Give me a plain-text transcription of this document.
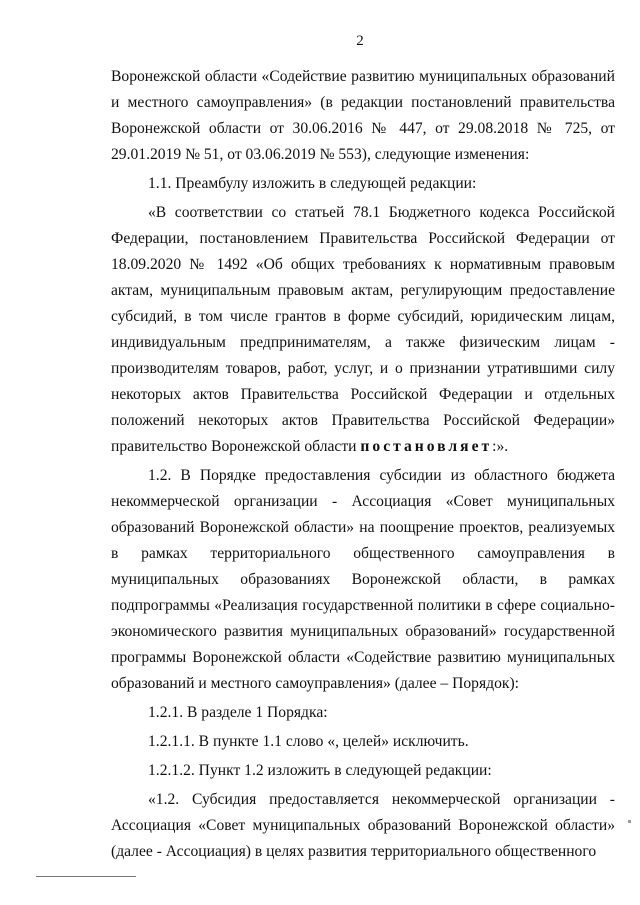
2

Воронежской области «Содействие развитию муниципальных образований и местного самоуправления» (в редакции постановлений правительства Воронежской области от 30.06.2016 № 447, от 29.08.2018 № 725, от 29.01.2019 № 51, от 03.06.2019 № 553), следующие изменения:

1.1. Преамбулу изложить в следующей редакции:

«В соответствии со статьей 78.1 Бюджетного кодекса Российской Федерации, постановлением Правительства Российской Федерации от 18.09.2020 № 1492 «Об общих требованиях к нормативным правовым актам, муниципальным правовым актам, регулирующим предоставление субсидий, в том числе грантов в форме субсидий, юридическим лицам, индивидуальным предпринимателям, а также физическим лицам - производителям товаров, работ, услуг, и о признании утратившими силу некоторых актов Правительства Российской Федерации и отдельных положений некоторых актов Правительства Российской Федерации» правительство Воронежской области постановляет:».

1.2. В Порядке предоставления субсидии из областного бюджета некоммерческой организации - Ассоциация «Совет муниципальных образований Воронежской области» на поощрение проектов, реализуемых в рамках территориального общественного самоуправления в муниципальных образованиях Воронежской области, в рамках подпрограммы «Реализация государственной политики в сфере социально-экономического развития муниципальных образований» государственной программы Воронежской области «Содействие развитию муниципальных образований и местного самоуправления» (далее – Порядок):

1.2.1. В разделе 1 Порядка:

1.2.1.1. В пункте 1.1 слово «, целей» исключить.

1.2.1.2. Пункт 1.2 изложить в следующей редакции:

«1.2. Субсидия предоставляется некоммерческой организации - Ассоциация «Совет муниципальных образований Воронежской области» (далее - Ассоциация) в целях развития территориального общественного
